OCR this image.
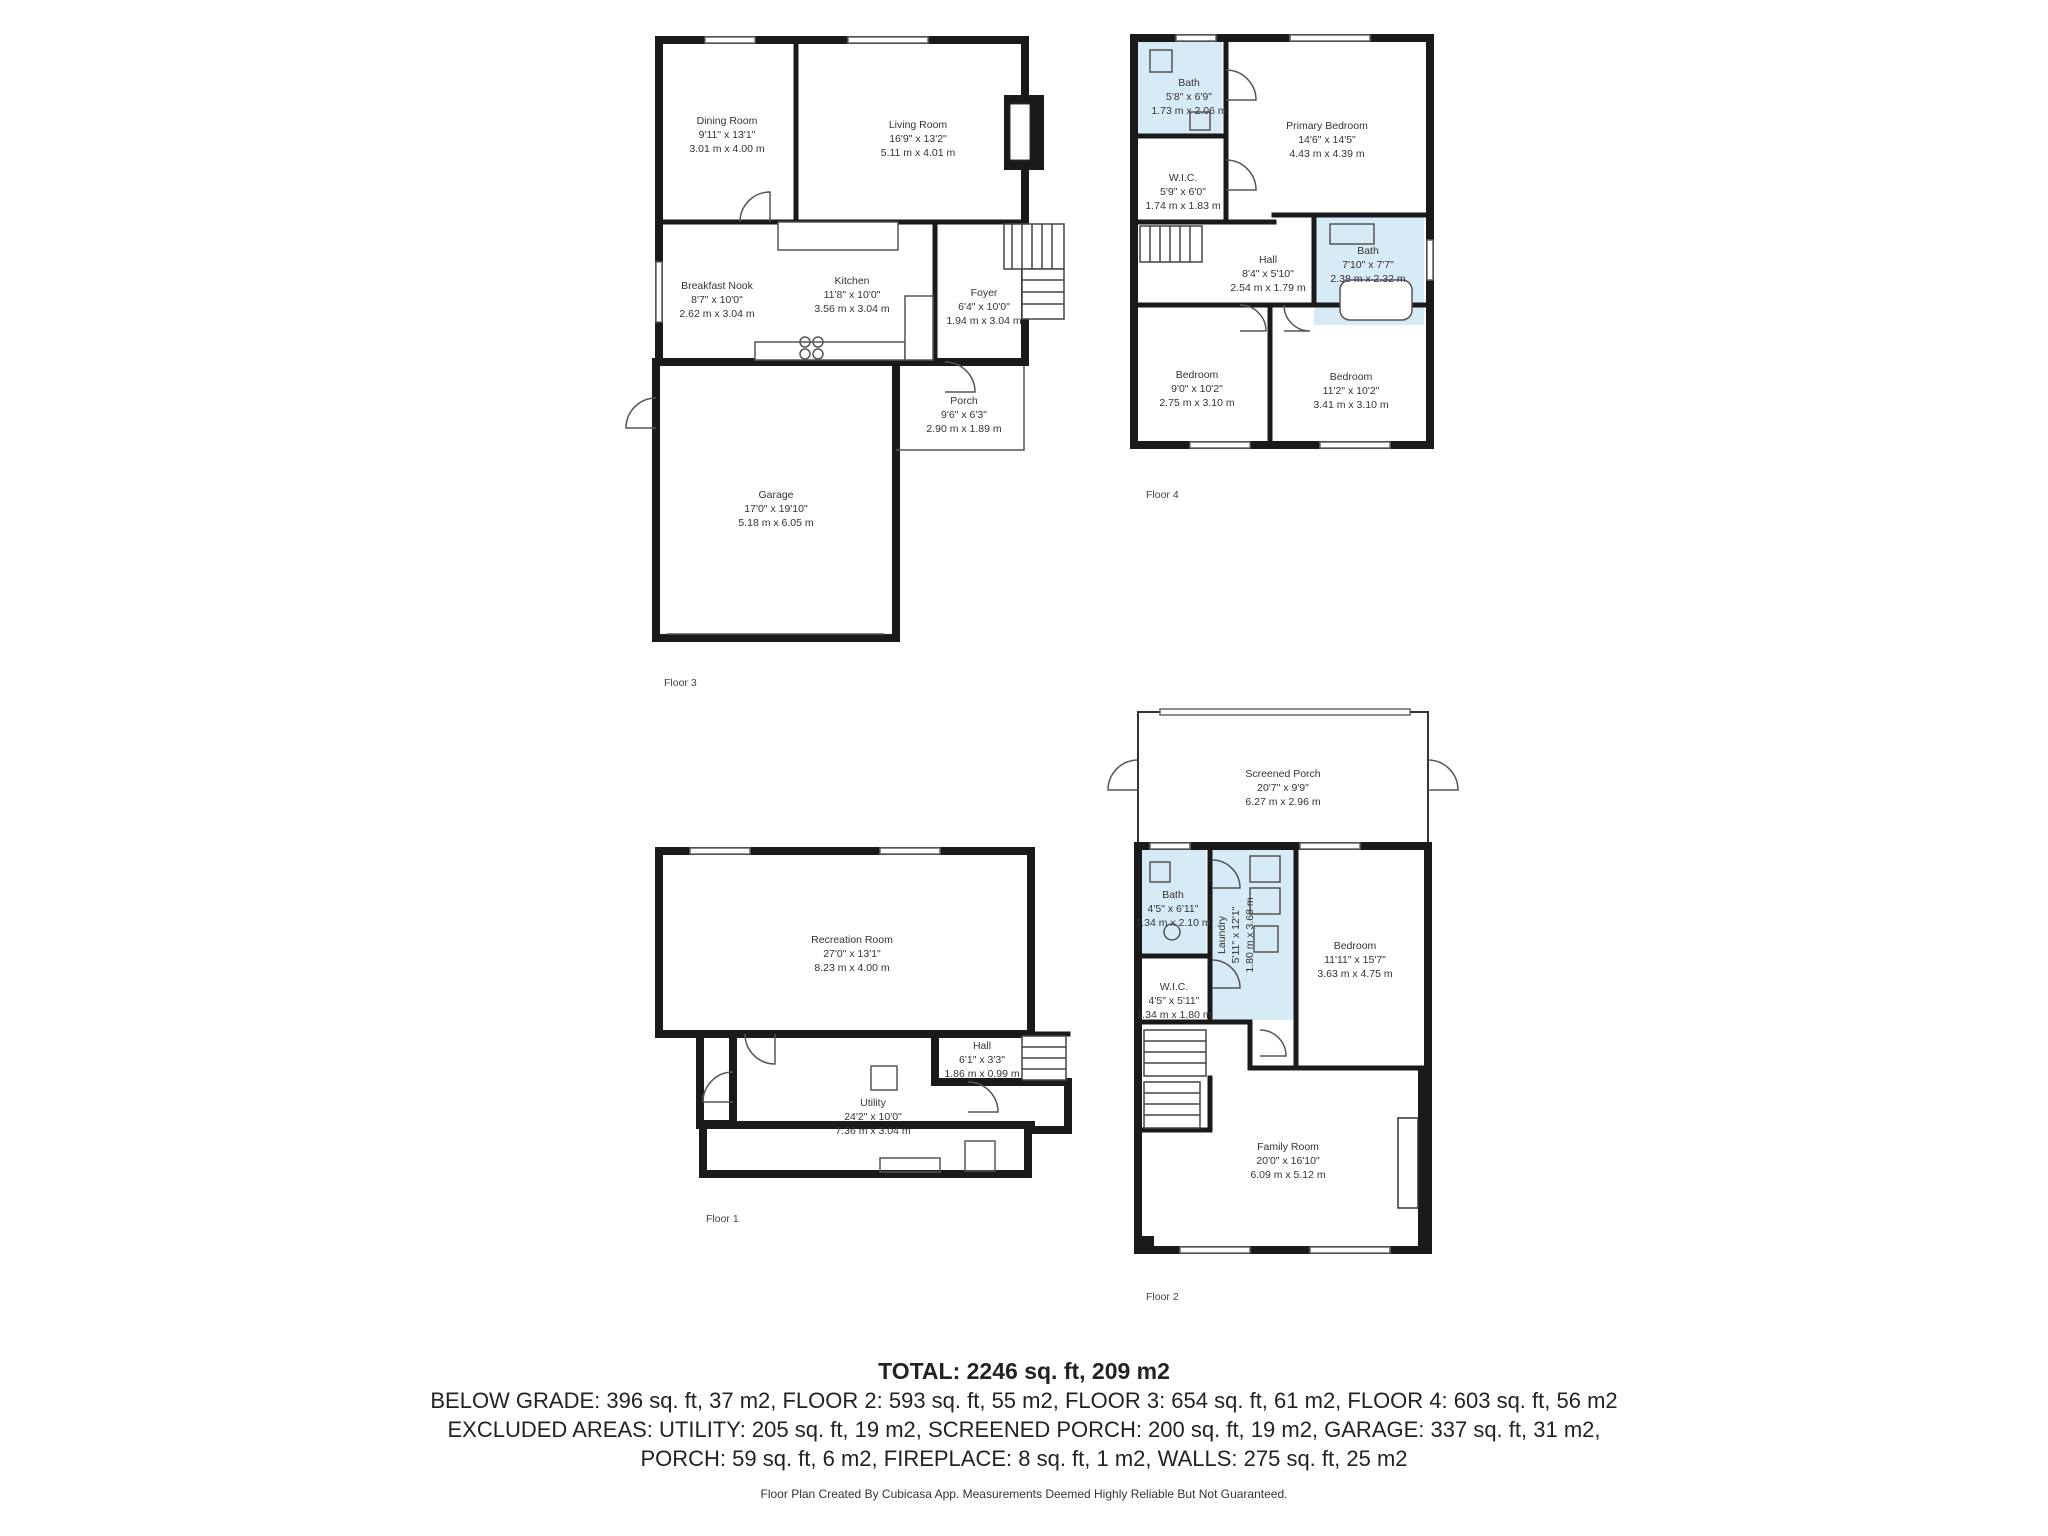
Dining Room
9'11" x 13'1"
3.01 m x 4.00 m
Living Room
16'9" x 13'2"
5.11 m x 4.01 m
Breakfast Nook
8'7" x 10'0"
2.62 m x 3.04 m
Kitchen
11'8" x 10'0"
3.56 m x 3.04 m
Foyer
6'4" x 10'0"
1.94 m x 3.04 m
Porch
9'6" x 6'3"
2.90 m x 1.89 m
Garage
17'0" x 19'10"
5.18 m x 6.05 m
Floor 3
Bath
5'8" x 6'9"
1.73 m x 2.06 m
Primary Bedroom
14'6" x 14'5"
4.43 m x 4.39 m
W.I.C.
5'9" x 6'0"
1.74 m x 1.83 m
Hall
8'4" x 5'10"
2.54 m x 1.79 m
Bath
7'10" x 7'7"
2.38 m x 2.32 m
Bedroom
9'0" x 10'2"
2.75 m x 3.10 m
Bedroom
11'2" x 10'2"
3.41 m x 3.10 m
Floor 4
Recreation Room
27'0" x 13'1"
8.23 m x 4.00 m
Hall
6'1" x 3'3"
1.86 m x 0.99 m
Utility
24'2" x 10'0"
7.36 m x 3.04 m
Floor 1
Screened Porch
20'7" x 9'9"
6.27 m x 2.96 m
Bath
4'5" x 6'11"
1.34 m x 2.10 m Laundry 5'11" x 12'1" 1.80 m x 3.68 m
W.I.C.
4'5" x 5'11"
1.34 m x 1.80 m
Bedroom
11'11" x 15'7"
3.63 m x 4.75 m
Family Room
20'0" x 16'10"
6.09 m x 5.12 m
Floor 2
TOTAL: 2246 sq. ft, 209 m2
BELOW GRADE: 396 sq. ft, 37 m2, FLOOR 2: 593 sq. ft, 55 m2, FLOOR 3: 654 sq. ft, 61 m2, FLOOR 4: 603 sq. ft, 56 m2
EXCLUDED AREAS: UTILITY: 205 sq. ft, 19 m2, SCREENED PORCH: 200 sq. ft, 19 m2, GARAGE: 337 sq. ft, 31 m2,
PORCH: 59 sq. ft, 6 m2, FIREPLACE: 8 sq. ft, 1 m2, WALLS: 275 sq. ft, 25 m2
Floor Plan Created By Cubicasa App. Measurements Deemed Highly Reliable But Not Guaranteed.
